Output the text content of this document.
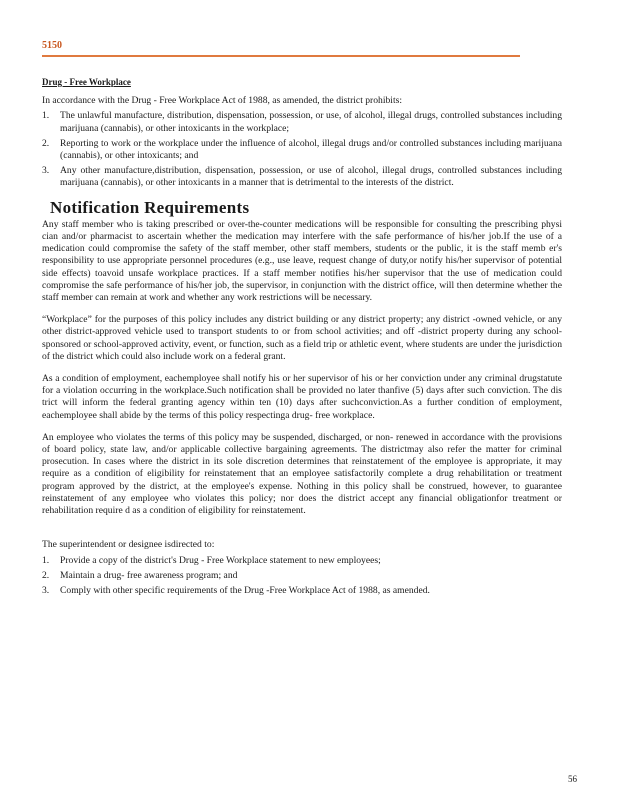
5150
Drug - Free Workplace

In accordance with the Drug - Free Workplace Act of 1988, as amended, the district prohibits:

1.	The unlawful manufacture, distribution, dispensation, possession, or use, of alcohol, illegal drugs, controlled substances including marijuana (cannabis), or other intoxicants in the workplace;
2.	Reporting to work or the workplace under the influence of alcohol, illegal drugs and/or controlled substances including marijuana (cannabis), or other intoxicants; and
3.	Any other manufacture,distribution, dispensation, possession, or use of alcohol, illegal drugs, controlled substances including marijuana (cannabis), or other intoxicants in a manner that is detrimental to the interests of the district.
Notification Requirements

Any staff member who is taking prescribed or over-the-counter medications will be responsible for consulting the prescribing physi cian and/or pharmacist to ascertain whether the medication may interfere with the safe performance of his/her job.If the use of a medication could compromise the safety of the staff member, other staff members, students or the public, it is the staff memb er's responsibility to use appropriate personnel procedures (e.g., use leave, request change of duty,or notify his/her supervisor of potential side effects) toavoid unsafe workplace practices. If a staff member notifies his/her supervisor that the use of medication could compromise the safe performance of his/her job, the supervisor, in conjunction with the district office, will then determine whether the staff member can remain at work and whether any work restrictions will be necessary.

“Workplace” for the purposes of this policy includes any district building or any district property; any district -owned vehicle, or any other district-approved vehicle used to transport students to or from school activities; and off -district property during any school-sponsored or school-approved activity, event, or function, such as a field trip or athletic event, where students are under the jurisdiction of the district which could also include work on a federal grant.

As a condition of employment, eachemployee shall notify his or her supervisor of his or her conviction under any criminal drugstatute for a violation occurring in the workplace.Such notification shall be provided no later thanfive (5) days after such conviction. The dis trict will inform the federal granting agency within ten (10) days after suchconviction.As a further condition of employment, eachemployee shall abide by the terms of this policy respectinga drug- free workplace.

An employee who violates the terms of this policy may be suspended, discharged, or non- renewed in accordance with the provisions of board policy, state law, and/or applicable collective bargaining agreements. The districtmay also refer the matter for criminal prosecution. In cases where the district in its sole discretion determines that reinstatement of the employee is appropriate, it may require as a condition of eligibility for reinstatement that an employee satisfactorily complete a drug rehabilitation or treatment program approved by the district, at the employee's expense. Nothing in this policy shall be construed, however, to guarantee reinstatement of any employee who violates this policy; nor does the district accept any financial obligationfor treatment or rehabilitation require d as a condition of eligibility for reinstatement.

The superintendent or designee isdirected to:

1.	Provide a copy of the district's Drug - Free Workplace statement to new employees;
2.	Maintain a drug- free awareness program; and
3.	Comply with other specific requirements of the Drug -Free Workplace Act of 1988, as amended.
56
